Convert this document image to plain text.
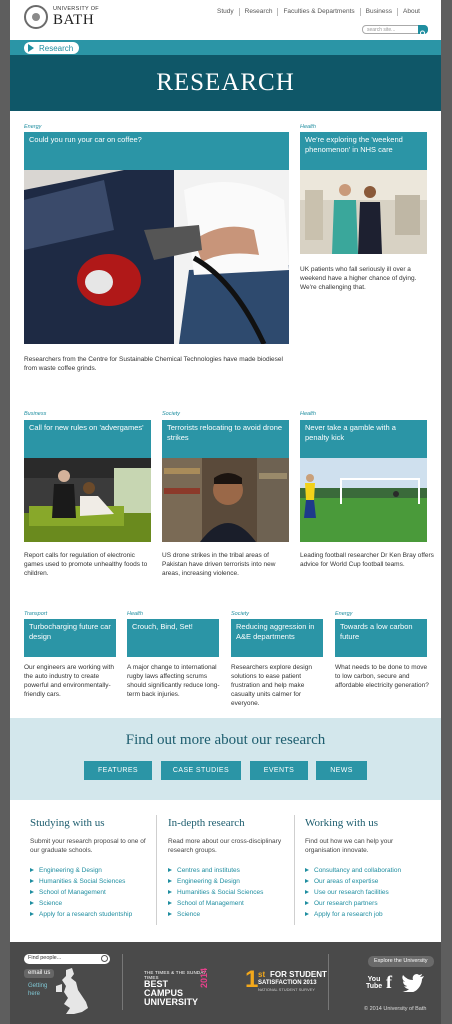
UNIVERSITY OF
BATH
Study	Research	Faculties & Departments	Business	About
search site...
Research
RESEARCH
Energy
Could you run your car on coffee?
Researchers from the Centre for Sustainable Chemical Technologies have made biodiesel from waste coffee grinds.
Health
We're exploring the 'weekend phenomenon' in NHS care
UK patients who fall seriously ill over a weekend have a higher chance of dying. We're challenging that.
Business
Call for new rules on 'advergames'
Report calls for regulation of electronic games used to promote unhealthy foods to children.
Society
Terrorists relocating to avoid drone strikes
US drone strikes in the tribal areas of Pakistan have driven terrorists into new areas, increasing violence.
Health
Never take a gamble with a penalty kick
Leading football researcher Dr Ken Bray offers advice for World Cup football teams.
Transport
Turbocharging future car design
Our engineers are working with the auto industry to create powerful and environmentally-friendly cars.
Health
Crouch, Bind, Set!
A major change to international rugby laws affecting scrums should significantly reduce long-term back injuries.
Society
Reducing aggression in A&E departments
Researchers explore design solutions to ease patient frustration and help make casualty units calmer for everyone.
Energy
Towards a low carbon future
What needs to be done to move to low carbon, secure and affordable electricity generation?
Find out more about our research
FEATURES	CASE STUDIES	EVENTS	NEWS
Studying with us

Submit your research proposal to one of our graduate schools.

Engineering & Design
Humanities & Social Sciences
School of Management
Science
Apply for a research studentship
In-depth research

Read more about our cross-disciplinary research groups.

Centres and institutes
Engineering & Design
Humanities & Social Sciences
School of Management
Science
Working with us

Find out how we can help your organisation innovate.

Consultancy and collaboration
Our areas of expertise
Use our research facilities
Our research partners
Apply for a research job
Find people...
email us
Getting here
THE TIMES & THE SUNDAY TIMES
BEST CAMPUS
UNIVERSITY
2014 1 st FOR STUDENT
SATISFACTION 2013
NATIONAL STUDENT SURVEY
Explore the University
You Tube f
© 2014 University of Bath
